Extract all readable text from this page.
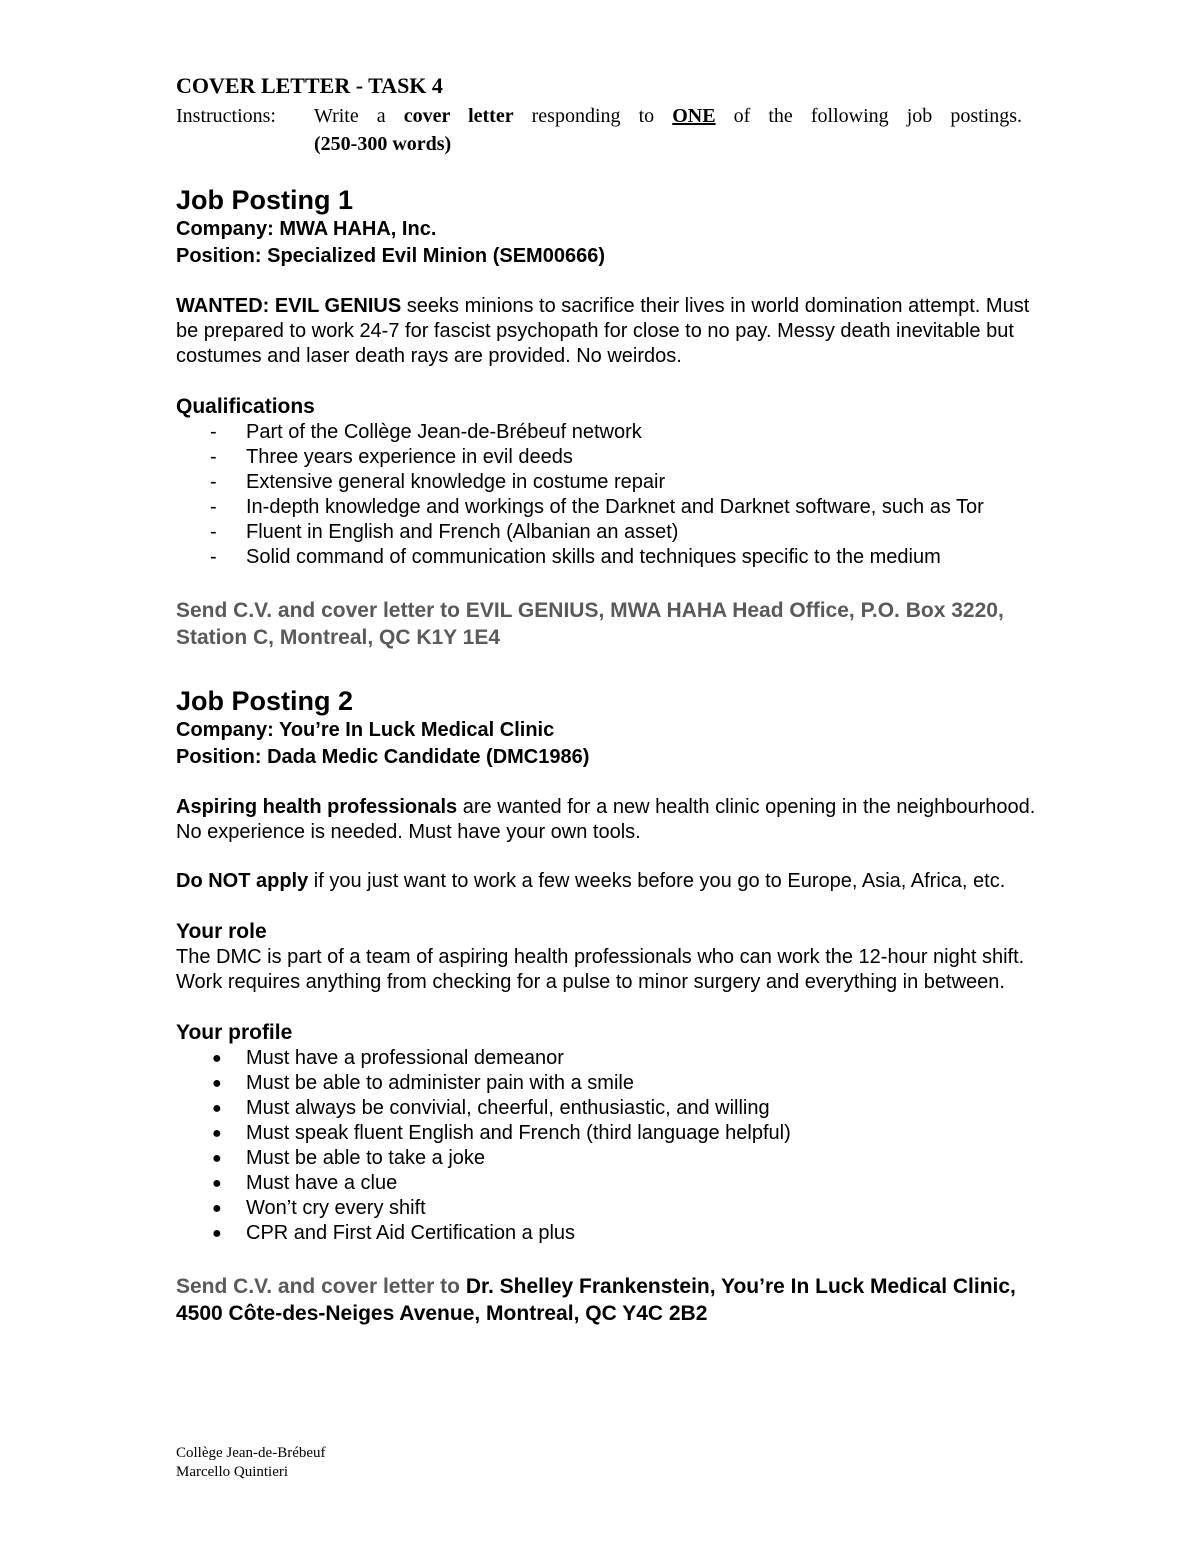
COVER LETTER - TASK 4
Instructions:	Write a cover letter responding to ONE of the following job postings.
(250-300 words)
Job Posting 1
Company: MWA HAHA, Inc.
Position: Specialized Evil Minion (SEM00666)

WANTED: EVIL GENIUS seeks minions to sacrifice their lives in world domination attempt. Must be prepared to work 24-7 for fascist psychopath for close to no pay. Messy death inevitable but costumes and laser death rays are provided. No weirdos.

Qualifications
- Part of the Collège Jean-de-Brébeuf network
- Three years experience in evil deeds
- Extensive general knowledge in costume repair
- In-depth knowledge and workings of the Darknet and Darknet software, such as Tor
- Fluent in English and French (Albanian an asset)
- Solid command of communication skills and techniques specific to the medium
Send C.V. and cover letter to EVIL GENIUS, MWA HAHA Head Office, P.O. Box 3220, Station C, Montreal, QC K1Y 1E4
Job Posting 2
Company: You’re In Luck Medical Clinic
Position: Dada Medic Candidate (DMC1986)

Aspiring health professionals are wanted for a new health clinic opening in the neighbourhood. No experience is needed. Must have your own tools.

Do NOT apply if you just want to work a few weeks before you go to Europe, Asia, Africa, etc.

Your role
The DMC is part of a team of aspiring health professionals who can work the 12-hour night shift. Work requires anything from checking for a pulse to minor surgery and everything in between.
Your profile
● Must have a professional demeanor
● Must be able to administer pain with a smile
● Must always be convivial, cheerful, enthusiastic, and willing
● Must speak fluent English and French (third language helpful)
● Must be able to take a joke
● Must have a clue
● Won’t cry every shift
● CPR and First Aid Certification a plus
Send C.V. and cover letter to Dr. Shelley Frankenstein, You’re In Luck Medical Clinic, 4500 Côte-des-Neiges Avenue, Montreal, QC Y4C 2B2
Collège Jean-de-Brébeuf
Marcello Quintieri
